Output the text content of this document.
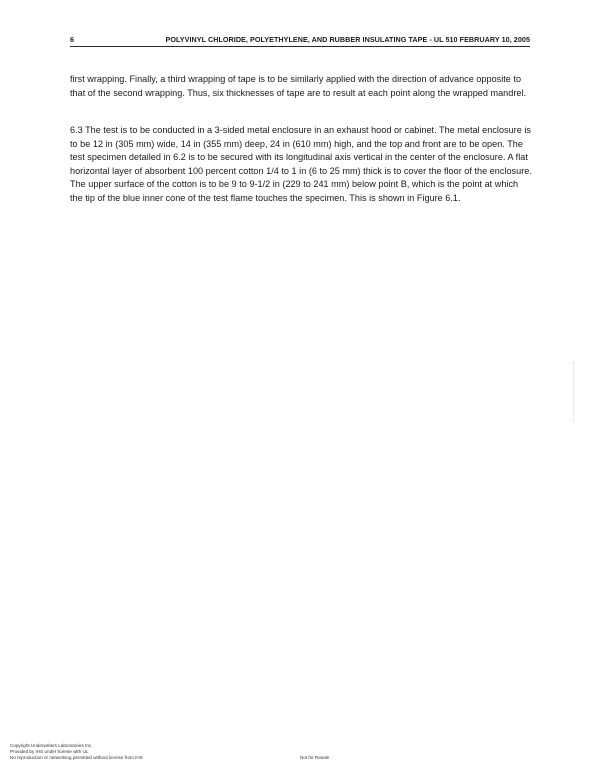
6	POLYVINYL CHLORIDE, POLYETHYLENE, AND RUBBER INSULATING TAPE - UL 510 FEBRUARY 10, 2005

first wrapping. Finally, a third wrapping of tape is to be similarly applied with the direction of advance opposite to that of the second wrapping. Thus, six thicknesses of tape are to result at each point along the wrapped mandrel.

6.3 The test is to be conducted in a 3-sided metal enclosure in an exhaust hood or cabinet. The metal enclosure is to be 12 in (305 mm) wide, 14 in (355 mm) deep, 24 in (610 mm) high, and the top and front are to be open. The test specimen detailed in 6.2 is to be secured with its longitudinal axis vertical in the center of the enclosure. A flat horizontal layer of absorbent 100 percent cotton 1/4 to 1 in (6 to 25 mm) thick is to cover the floor of the enclosure. The upper surface of the cotton is to be 9 to 9-1/2 in (229 to 241 mm) below point B, which is the point at which the tip of the blue inner cone of the test flame touches the specimen. This is shown in Figure 6.1.

Copyright Underwriters Laboratories Inc.
Provided by IHS under license with UL
No reproduction or networking permitted without license from IHS	Not for Resale
